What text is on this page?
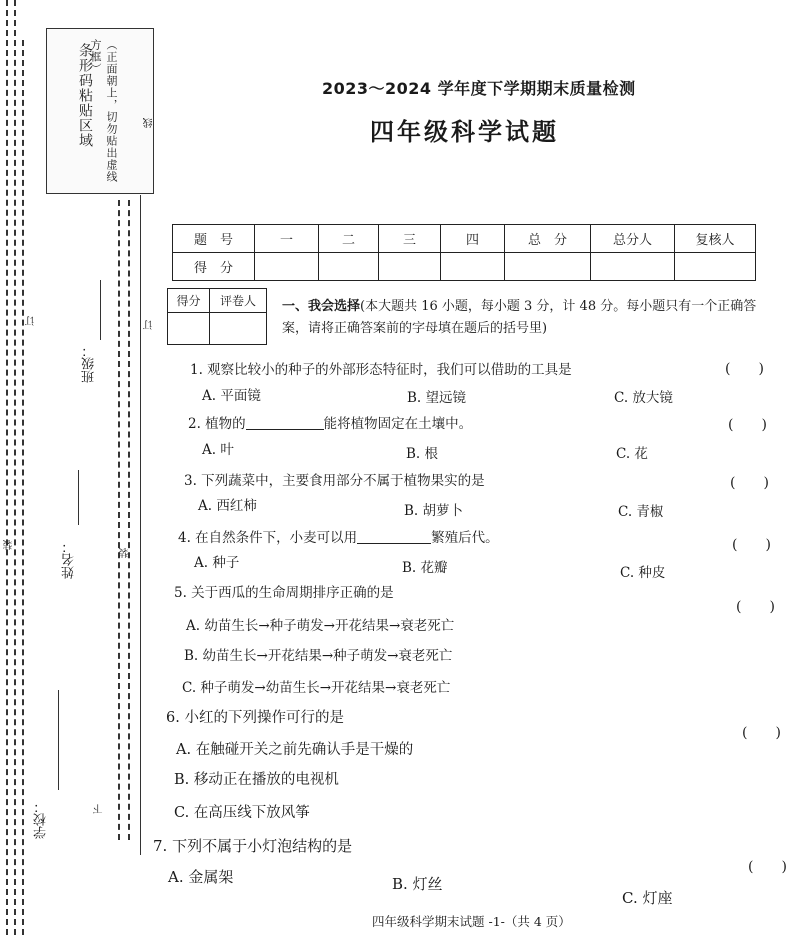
条形码粘贴区域	（正面朝上，切勿贴出虚线方框）
线
订
订
装
装
下
班级：
姓名：
学校：
2023～2024 学年度下学期期末质量检测
四年级科学试题
题　号	一	二	三	四	总　分	总分人	复核人
得　分							
得分	评卷人
	一、我会选择(本大题共 16 小题，每小题 3 分，计 48 分。每小题只有一个正确答案，请将正确答案前的字母填在题后的括号里)
1. 观察比较小的种子的外部形态特征时，我们可以借助的工具是	(　　)
A. 平面镜	B. 望远镜	C. 放大镜
2. 植物的	能将植物固定在土壤中。	(　　)
A. 叶	B. 根	C. 花
3. 下列蔬菜中，主要食用部分不属于植物果实的是	(　　)
A. 西红柿	B. 胡萝卜	C. 青椒
4. 在自然条件下，小麦可以用	繁殖后代。	(　　)
A. 种子	B. 花瓣	C. 种皮
5. 关于西瓜的生命周期排序正确的是
(　　)
A. 幼苗生长→种子萌发→开花结果→衰老死亡
B. 幼苗生长→开花结果→种子萌发→衰老死亡
C. 种子萌发→幼苗生长→开花结果→衰老死亡
6. 小红的下列操作可行的是
(　　)
A. 在触碰开关之前先确认手是干燥的
B. 移动正在播放的电视机
C. 在高压线下放风筝
7. 下列不属于小灯泡结构的是
(　　)
A. 金属架	B. 灯丝
C. 灯座
四年级科学期末试题 -1-（共 4 页）
